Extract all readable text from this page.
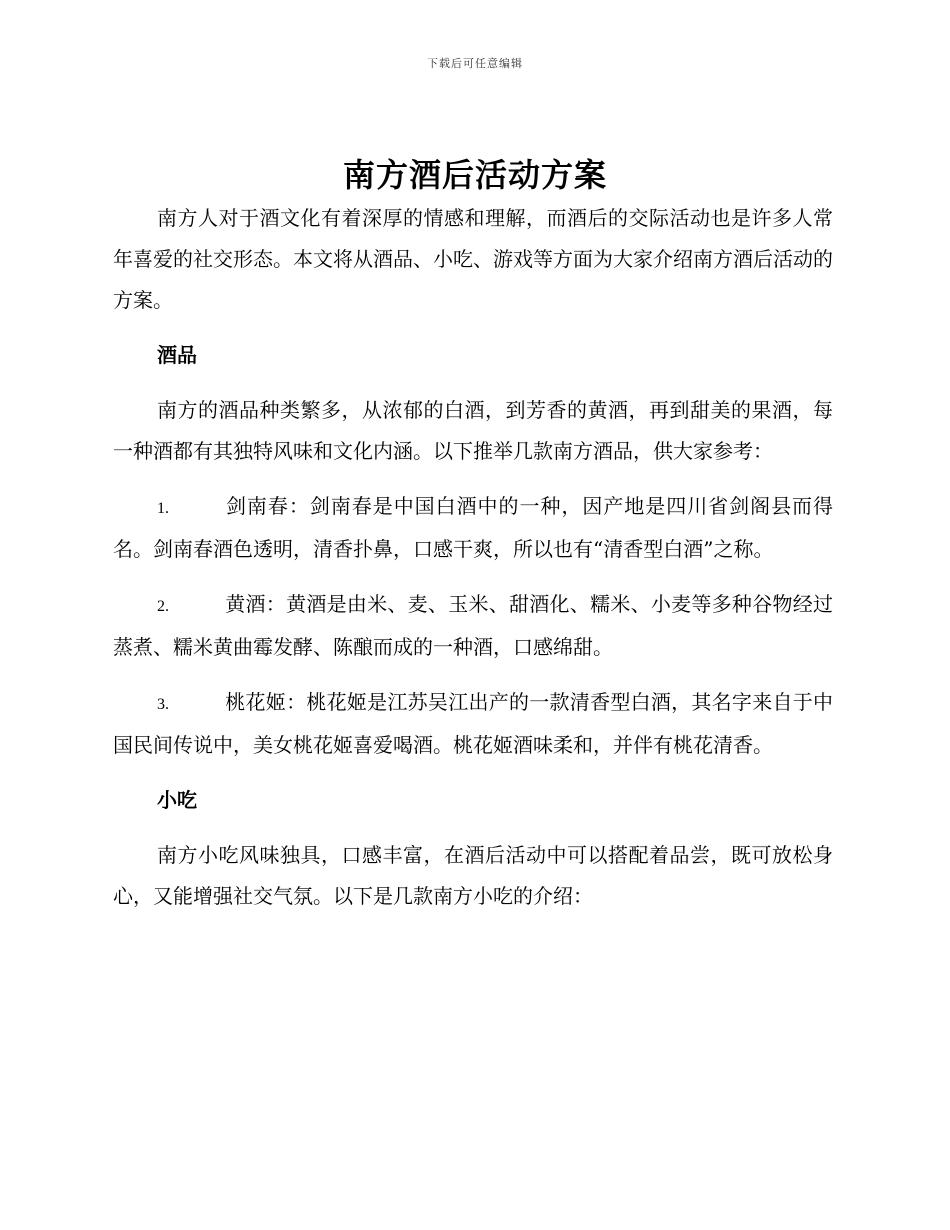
下载后可任意编辑
南方酒后活动方案

南方人对于酒文化有着深厚的情感和理解，而酒后的交际活动也是许多人常年喜爱的社交形态。本文将从酒品、小吃、游戏等方面为大家介绍南方酒后活动的方案。

酒品

南方的酒品种类繁多，从浓郁的白酒，到芳香的黄酒，再到甜美的果酒，每一种酒都有其独特风味和文化内涵。以下推举几款南方酒品，供大家参考：

1.	剑南春：剑南春是中国白酒中的一种，因产地是四川省剑阁县而得名。剑南春酒色透明，清香扑鼻，口感干爽，所以也有“清香型白酒”之称。

2.	黄酒：黄酒是由米、麦、玉米、甜酒化、糯米、小麦等多种谷物经过蒸煮、糯米黄曲霉发酵、陈酿而成的一种酒，口感绵甜。

3.	桃花姬：桃花姬是江苏吴江出产的一款清香型白酒，其名字来自于中国民间传说中，美女桃花姬喜爱喝酒。桃花姬酒味柔和，并伴有桃花清香。

小吃

南方小吃风味独具，口感丰富，在酒后活动中可以搭配着品尝，既可放松身心，又能增强社交气氛。以下是几款南方小吃的介绍：
